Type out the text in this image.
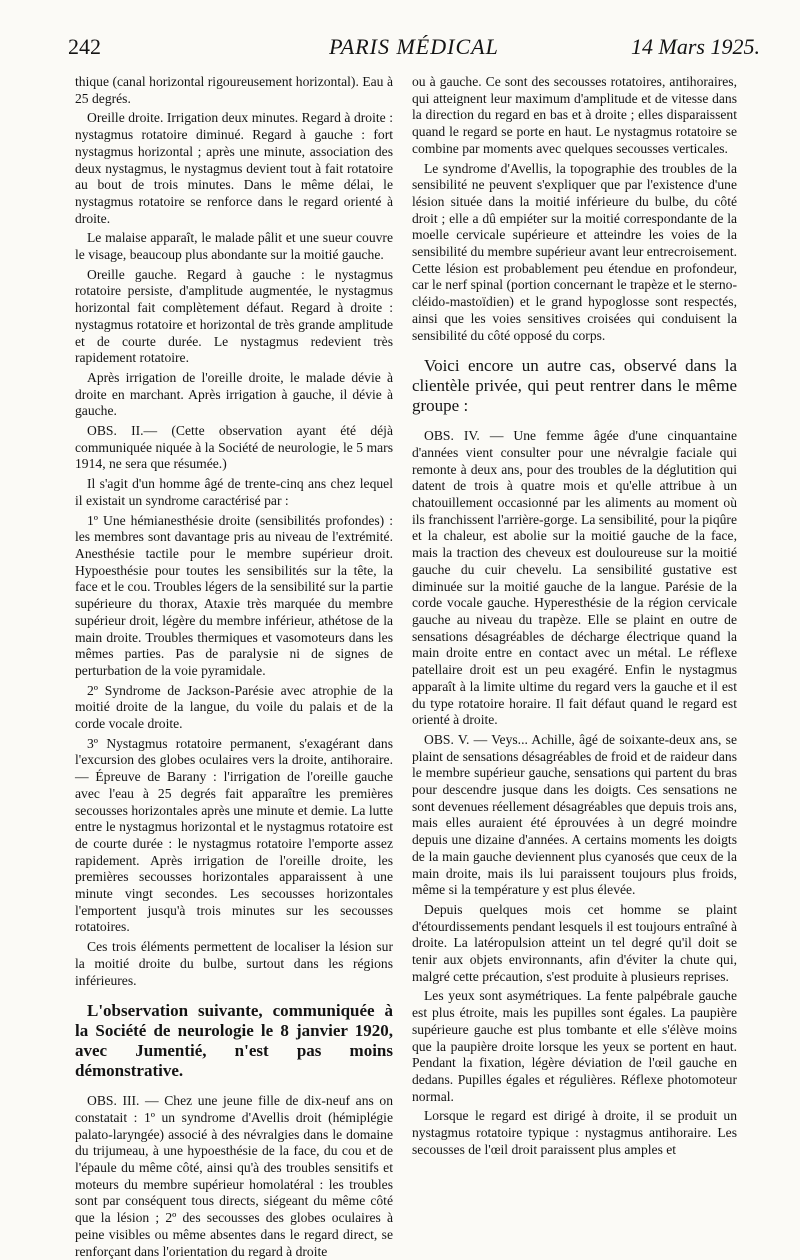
242	PARIS MÉDICAL	14 Mars 1925.

thique (canal horizontal rigoureusement horizontal). Eau à 25 degrés.

Oreille droite. Irrigation deux minutes. Regard à droite : nystagmus rotatoire diminué. Regard à gauche : fort nystagmus horizontal ; après une minute, association des deux nystagmus, le nystagmus devient tout à fait rotatoire au bout de trois minutes. Dans le même délai, le nystagmus rotatoire se renforce dans le regard orienté à droite.

Le malaise apparaît, le malade pâlit et une sueur couvre le visage, beaucoup plus abondante sur la moitié gauche.

Oreille gauche. Regard à gauche : le nystagmus rotatoire persiste, d'amplitude augmentée, le nystagmus horizontal fait complètement défaut. Regard à droite : nystagmus rotatoire et horizontal de très grande amplitude et de courte durée. Le nystagmus redevient très rapidement rotatoire.

Après irrigation de l'oreille droite, le malade dévie à droite en marchant. Après irrigation à gauche, il dévie à gauche.

OBS. II.— (Cette observation ayant été déjà communiquée niquée à la Société de neurologie, le 5 mars 1914, ne sera que résumée.)

Il s'agit d'un homme âgé de trente-cinq ans chez lequel il existait un syndrome caractérisé par :

1º Une hémianesthésie droite (sensibilités profondes) : les membres sont davantage pris au niveau de l'extrémité. Anesthésie tactile pour le membre supérieur droit. Hypoesthésie pour toutes les sensibilités sur la tête, la face et le cou. Troubles légers de la sensibilité sur la partie supérieure du thorax, Ataxie très marquée du membre supérieur droit, légère du membre inférieur, athétose de la main droite. Troubles thermiques et vasomoteurs dans les mêmes parties. Pas de paralysie ni de signes de perturbation de la voie pyramidale.

2º Syndrome de Jackson-Parésie avec atrophie de la moitié droite de la langue, du voile du palais et de la corde vocale droite.

3º Nystagmus rotatoire permanent, s'exagérant dans l'excursion des globes oculaires vers la droite, antihoraire. — Épreuve de Barany : l'irrigation de l'oreille gauche avec l'eau à 25 degrés fait apparaître les premières secousses horizontales après une minute et demie. La lutte entre le nystagmus horizontal et le nystagmus rotatoire est de courte durée : le nystagmus rotatoire l'emporte assez rapidement. Après irrigation de l'oreille droite, les premières secousses horizontales apparaissent à une minute vingt secondes. Les secousses horizontales l'emportent jusqu'à trois minutes sur les secousses rotatoires.

Ces trois éléments permettent de localiser la lésion sur la moitié droite du bulbe, surtout dans les régions inférieures.

L'observation suivante, communiquée à la Société de neurologie le 8 janvier 1920, avec Jumentié, n'est pas moins démonstrative.

OBS. III. — Chez une jeune fille de dix-neuf ans on constatait : 1º un syndrome d'Avellis droit (hémiplégie palato-laryngée) associé à des névralgies dans le domaine du trijumeau, à une hypoesthésie de la face, du cou et de l'épaule du même côté, ainsi qu'à des troubles sensitifs et moteurs du membre supérieur homolatéral : les troubles sont par conséquent tous directs, siégeant du même côté que la lésion ; 2º des secousses des globes oculaires à peine visibles ou même absentes dans le regard direct, se renforçant dans l'orientation du regard à droite

ou à gauche. Ce sont des secousses rotatoires, antihoraires, qui atteignent leur maximum d'amplitude et de vitesse dans la direction du regard en bas et à droite ; elles disparaissent quand le regard se porte en haut. Le nystagmus rotatoire se combine par moments avec quelques secousses verticales.

Le syndrome d'Avellis, la topographie des troubles de la sensibilité ne peuvent s'expliquer que par l'existence d'une lésion située dans la moitié inférieure du bulbe, du côté droit ; elle a dû empiéter sur la moitié correspondante de la moelle cervicale supérieure et atteindre les voies de la sensibilité du membre supérieur avant leur entrecroisement. Cette lésion est probablement peu étendue en profondeur, car le nerf spinal (portion concernant le trapèze et le sterno-cléido-mastoïdien) et le grand hypoglosse sont respectés, ainsi que les voies sensitives croisées qui conduisent la sensibilité du côté opposé du corps.

Voici encore un autre cas, observé dans la clientèle privée, qui peut rentrer dans le même groupe :

OBS. IV. — Une femme âgée d'une cinquantaine d'années vient consulter pour une névralgie faciale qui remonte à deux ans, pour des troubles de la déglutition qui datent de trois à quatre mois et qu'elle attribue à un chatouillement occasionné par les aliments au moment où ils franchissent l'arrière-gorge. La sensibilité, pour la piqûre et la chaleur, est abolie sur la moitié gauche de la face, mais la traction des cheveux est douloureuse sur la moitié gauche du cuir chevelu. La sensibilité gustative est diminuée sur la moitié gauche de la langue. Parésie de la corde vocale gauche. Hyperesthésie de la région cervicale gauche au niveau du trapèze. Elle se plaint en outre de sensations désagréables de décharge électrique quand la main droite entre en contact avec un métal. Le réflexe patellaire droit est un peu exagéré. Enfin le nystagmus apparaît à la limite ultime du regard vers la gauche et il est du type rotatoire horaire. Il fait défaut quand le regard est orienté à droite.

OBS. V. — Veys... Achille, âgé de soixante-deux ans, se plaint de sensations désagréables de froid et de raideur dans le membre supérieur gauche, sensations qui partent du bras pour descendre jusque dans les doigts. Ces sensations ne sont devenues réellement désagréables que depuis trois ans, mais elles auraient été éprouvées à un degré moindre depuis une dizaine d'années. A certains moments les doigts de la main gauche deviennent plus cyanosés que ceux de la main droite, mais ils lui paraissent toujours plus froids, même si la température y est plus élevée.

Depuis quelques mois cet homme se plaint d'étourdissements pendant lesquels il est toujours entraîné à droite. La latéropulsion atteint un tel degré qu'il doit se tenir aux objets environnants, afin d'éviter la chute qui, malgré cette précaution, s'est produite à plusieurs reprises.

Les yeux sont asymétriques. La fente palpébrale gauche est plus étroite, mais les pupilles sont égales. La paupière supérieure gauche est plus tombante et elle s'élève moins que la paupière droite lorsque les yeux se portent en haut. Pendant la fixation, légère déviation de l'œil gauche en dedans. Pupilles égales et régulières. Réflexe photomoteur normal.

Lorsque le regard est dirigé à droite, il se produit un nystagmus rotatoire typique : nystagmus antihoraire. Les secousses de l'œil droit paraissent plus amples et
